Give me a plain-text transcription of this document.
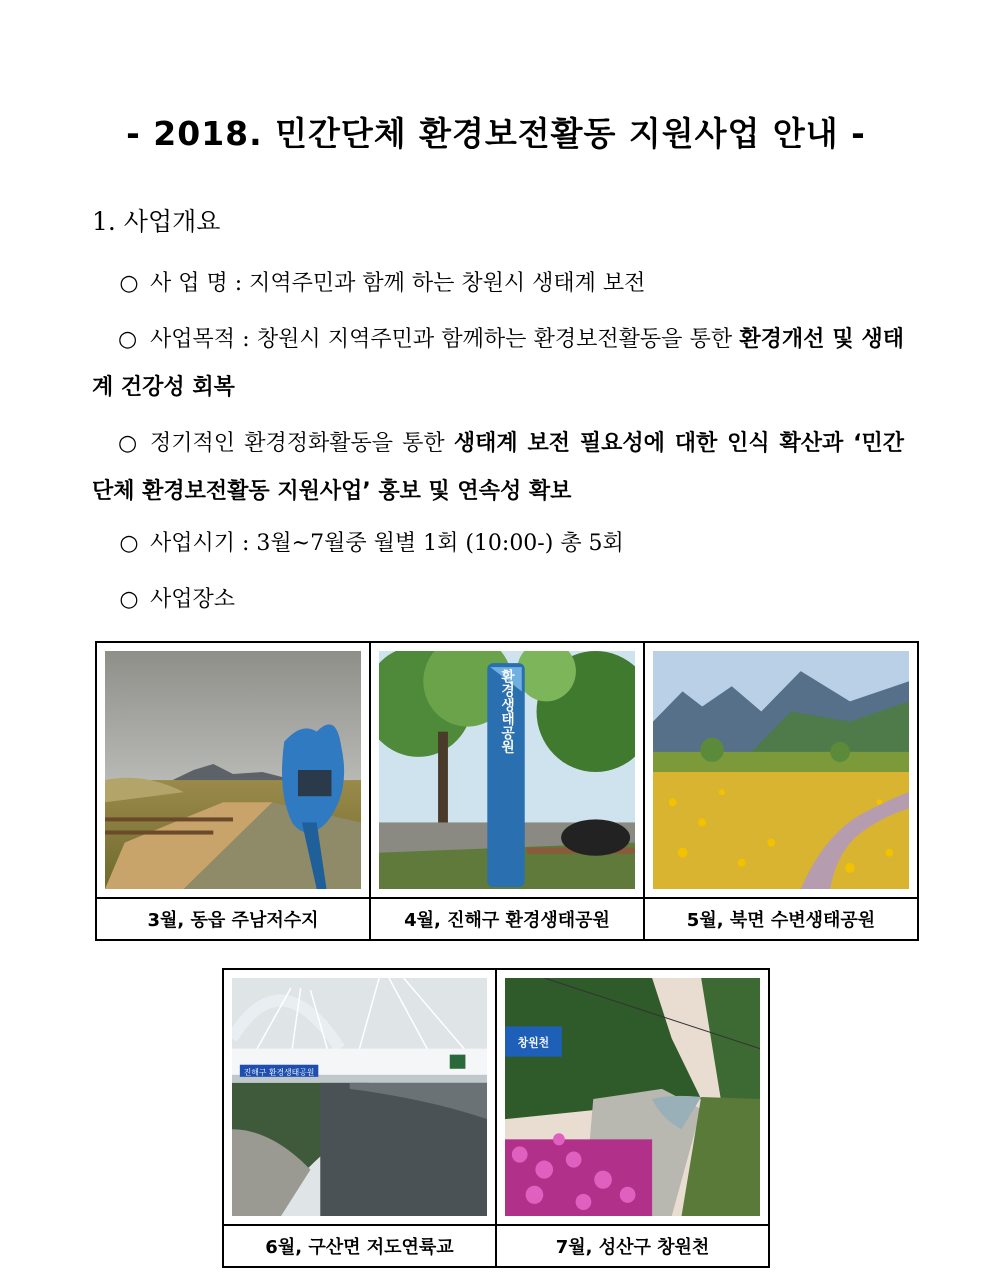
- 2018. 민간단체 환경보전활동 지원사업 안내 -
1. 사업개요
○ 사 업 명 : 지역주민과 함께 하는 창원시 생태계 보전
○ 사업목적 : 창원시 지역주민과 함께하는 환경보전활동을 통한 환경개선 및 생태계 건강성 회복
○ 정기적인 환경정화활동을 통한 생태계 보전 필요성에 대한 인식 확산과 ‘민간단체 환경보전활동 지원사업’ 홍보 및 연속성 확보
○ 사업시기 : 3월~7월중 월별 1회 (10:00-) 총 5회
○ 사업장소

환경생태공원

3월, 동읍 주남저수지	4월, 진해구 환경생태공원	5월, 북면 수변생태공원
진해구 환경생태공원	창원천

6월, 구산면 저도연륙교	7월, 성산구 창원천
